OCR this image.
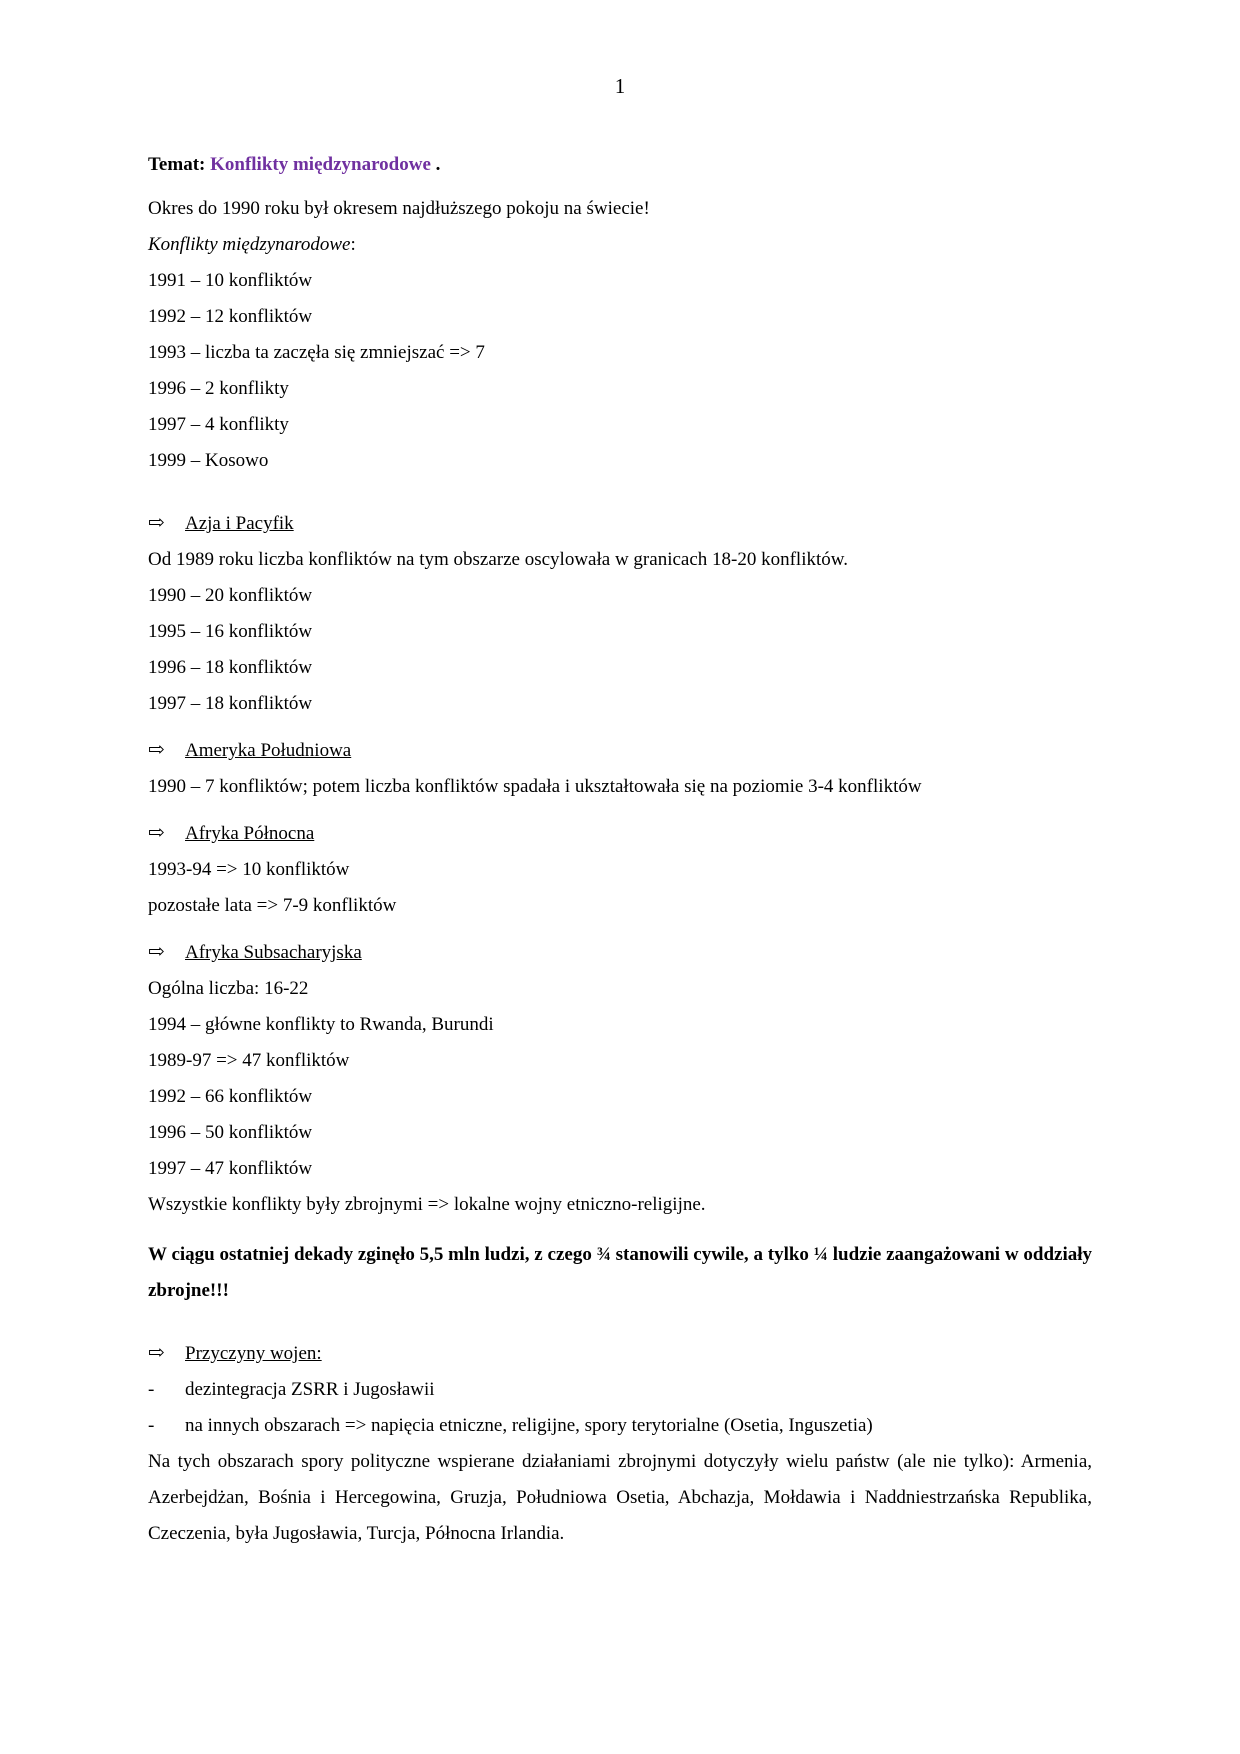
1

Temat: Konflikty międzynarodowe .

Okres do 1990 roku był okresem najdłuższego pokoju na świecie!

Konflikty międzynarodowe:

1991 – 10 konfliktów

1992 – 12 konfliktów

1993 – liczba ta zaczęła się zmniejszać => 7

1996 – 2 konflikty

1997 – 4 konflikty

1999 – Kosowo

⇨ Azja i Pacyfik

Od 1989 roku liczba konfliktów na tym obszarze oscylowała w granicach 18-20 konfliktów.

1990 – 20 konfliktów

1995 – 16 konfliktów

1996 – 18 konfliktów

1997 – 18 konfliktów

⇨ Ameryka Południowa

1990 – 7 konfliktów; potem liczba konfliktów spadała i ukształtowała się na poziomie 3-4 konfliktów

⇨ Afryka Północna

1993-94 => 10 konfliktów

pozostałe lata => 7-9 konfliktów

⇨ Afryka Subsacharyjska

Ogólna liczba: 16-22

1994 – główne konflikty to Rwanda, Burundi

1989-97 => 47 konfliktów

1992 – 66 konfliktów

1996 – 50 konfliktów

1997 – 47 konfliktów

Wszystkie konflikty były zbrojnymi => lokalne wojny etniczno-religijne.

W ciągu ostatniej dekady zginęło 5,5 mln ludzi, z czego ¾ stanowili cywile, a tylko ¼ ludzie zaangażowani w oddziały zbrojne!!!

⇨ Przyczyny wojen:
-	dezintegracja ZSRR i Jugosławii
-	na innych obszarach => napięcia etniczne, religijne, spory terytorialne (Osetia, Inguszetia)

Na tych obszarach spory polityczne wspierane działaniami zbrojnymi dotyczyły wielu państw (ale nie tylko): Armenia, Azerbejdżan, Bośnia i Hercegowina, Gruzja, Południowa Osetia, Abchazja, Mołdawia i Naddniestrzańska Republika, Czeczenia, była Jugosławia, Turcja, Północna Irlandia.
